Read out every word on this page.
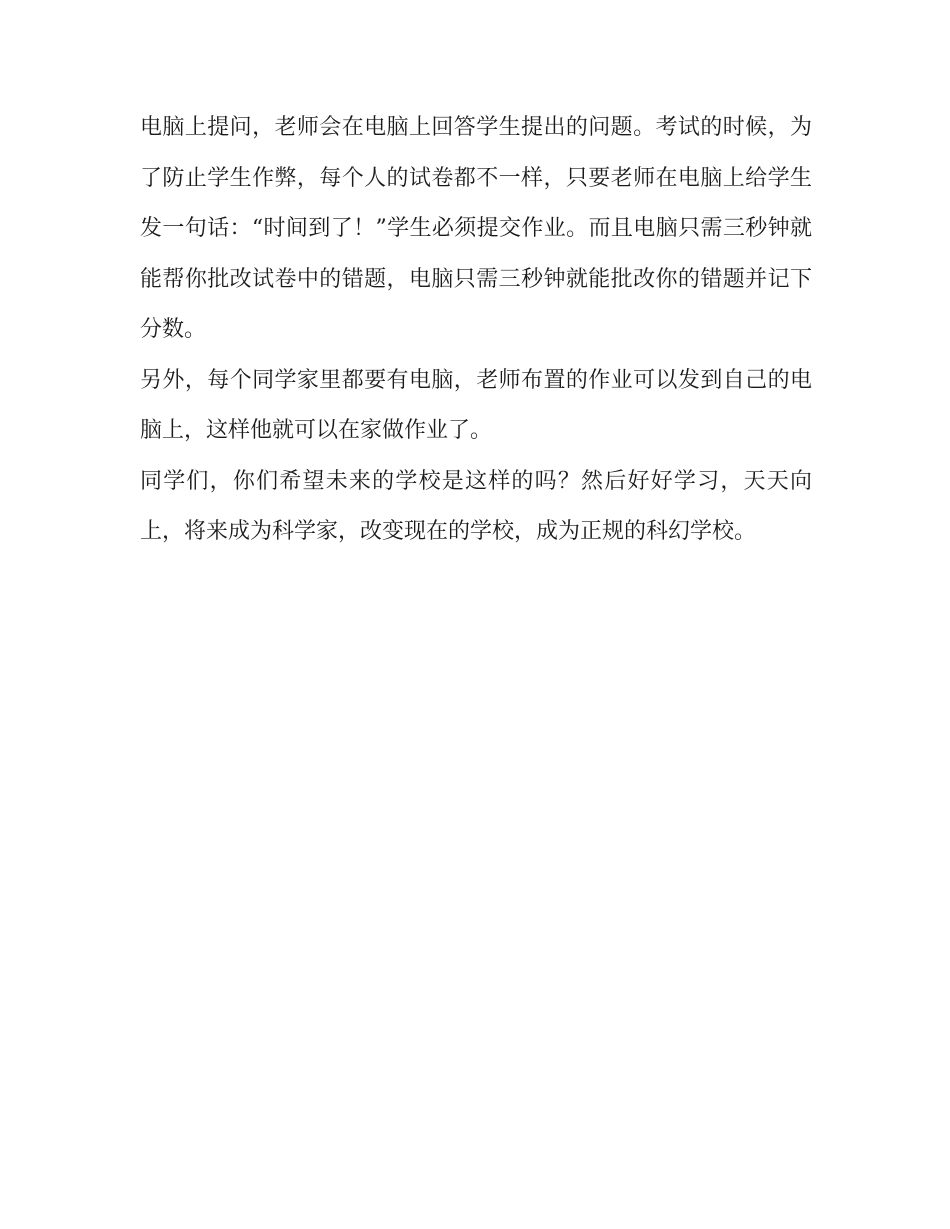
电脑上提问，老师会在电脑上回答学生提出的问题。考试的时候，为了防止学生作弊，每个人的试卷都不一样，只要老师在电脑上给学生发一句话：“时间到了！”学生必须提交作业。而且电脑只需三秒钟就能帮你批改试卷中的错题，电脑只需三秒钟就能批改你的错题并记下分数。

另外，每个同学家里都要有电脑，老师布置的作业可以发到自己的电脑上，这样他就可以在家做作业了。

同学们，你们希望未来的学校是这样的吗？然后好好学习，天天向上，将来成为科学家，改变现在的学校，成为正规的科幻学校。
